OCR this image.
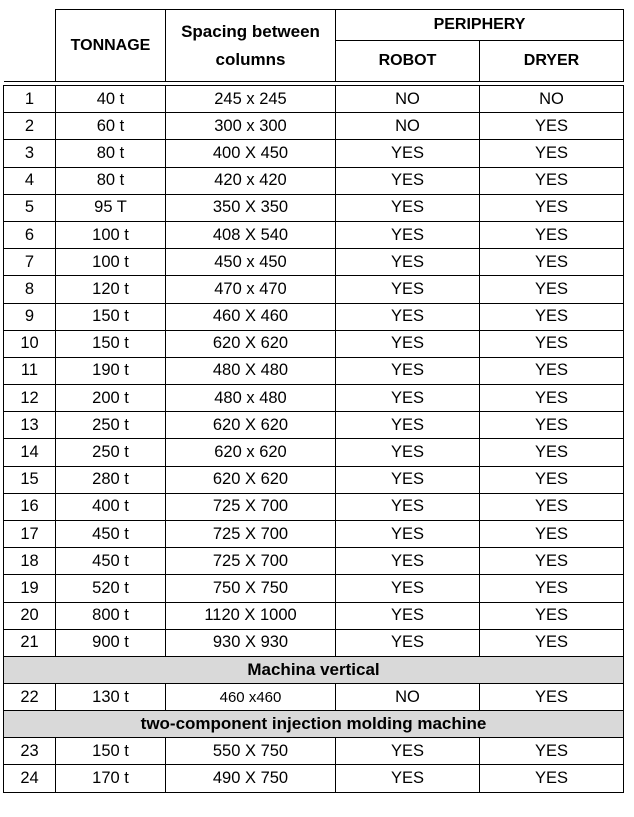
	TONNAGE	Spacing between columns	PERIPHERY	
			ROBOT	DRYER

1	40 t	245 x 245	NO	NO
2	60 t	300 x 300	NO	YES
3	80 t	400 X 450	YES	YES
4	80 t	420 x 420	YES	YES
5	95 T	350 X 350	YES	YES
6	100 t	408 X 540	YES	YES
7	100 t	450 x 450	YES	YES
8	120 t	470 x 470	YES	YES
9	150 t	460 X 460	YES	YES
10	150 t	620 X 620	YES	YES
11	190 t	480 X 480	YES	YES
12	200 t	480 x 480	YES	YES
13	250 t	620 X 620	YES	YES
14	250 t	620 x 620	YES	YES
15	280 t	620 X 620	YES	YES
16	400 t	725 X 700	YES	YES
17	450 t	725 X 700	YES	YES
18	450 t	725 X 700	YES	YES
19	520 t	750 X 750	YES	YES
20	800 t	1120 X 1000	YES	YES
21	900 t	930 X 930	YES	YES
Machina vertical				
22	130 t	460 x460	NO	YES
two-component injection molding machine				
23	150 t	550 X 750	YES	YES
24	170 t	490 X 750	YES	YES
